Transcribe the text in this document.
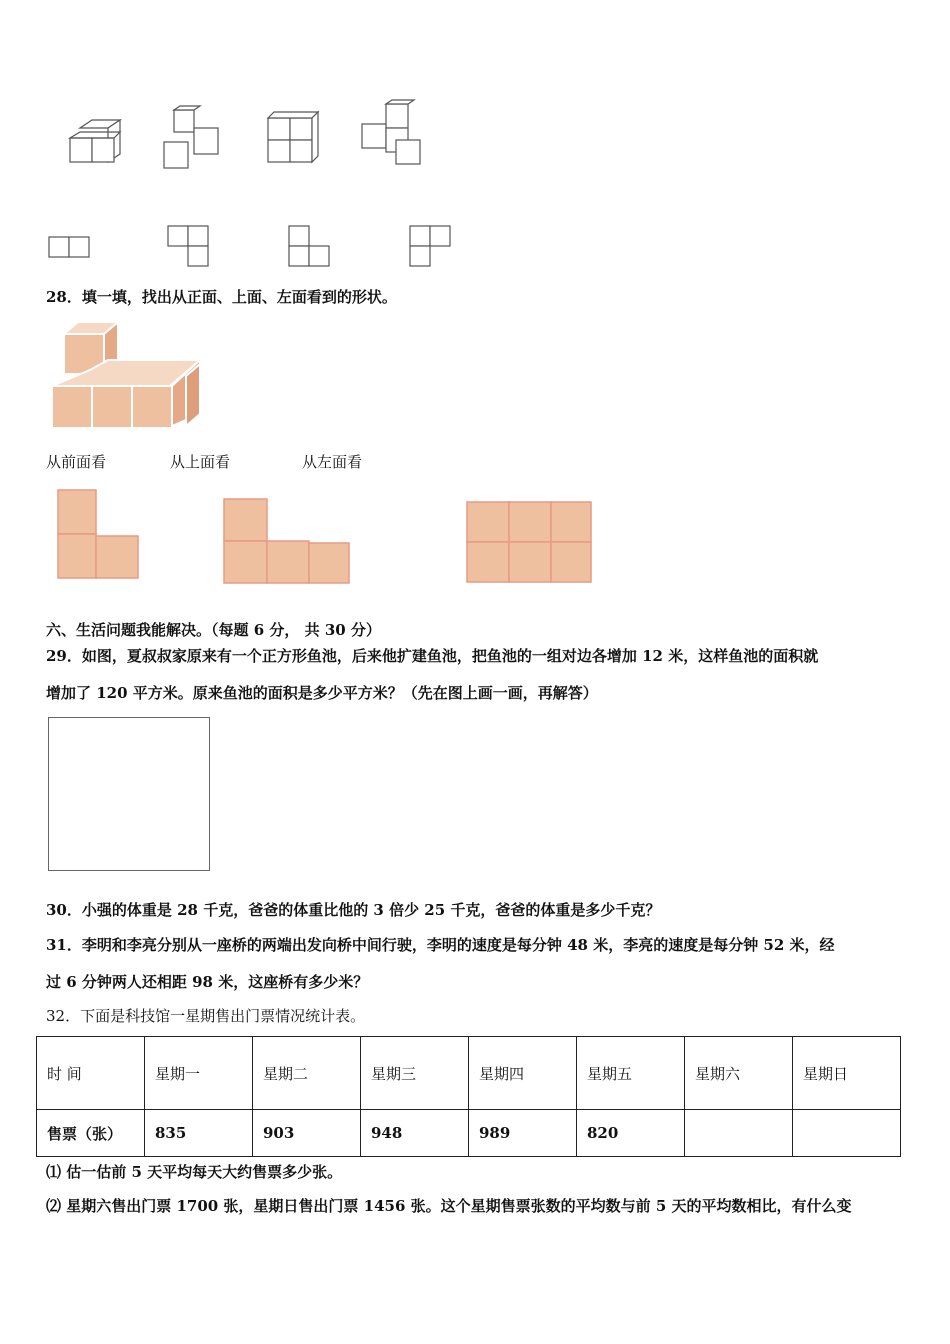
28．填一填，找出从正面、上面、左面看到的形状。
从前面看	从上面看	从左面看
六、生活问题我能解决。（每题 6 分， 共 30 分）
29．如图，夏叔叔家原来有一个正方形鱼池，后来他扩建鱼池，把鱼池的一组对边各增加 12 米，这样鱼池的面积就
增加了 120 平方米。原来鱼池的面积是多少平方米？（先在图上画一画，再解答）
30．小强的体重是 28 千克，爸爸的体重比他的 3 倍少 25 千克，爸爸的体重是多少千克？
31．李明和李亮分别从一座桥的两端出发向桥中间行驶，李明的速度是每分钟 48 米，李亮的速度是每分钟 52 米，经
过 6 分钟两人还相距 98 米，这座桥有多少米？
32．下面是科技馆一星期售出门票情况统计表。
时 间	星期一	星期二	星期三	星期四	星期五	星期六	星期日
售票（张）	835	903	948	989	820		
⑴ 估一估前 5 天平均每天大约售票多少张。
⑵ 星期六售出门票 1700 张，星期日售出门票 1456 张。这个星期售票张数的平均数与前 5 天的平均数相比，有什么变
